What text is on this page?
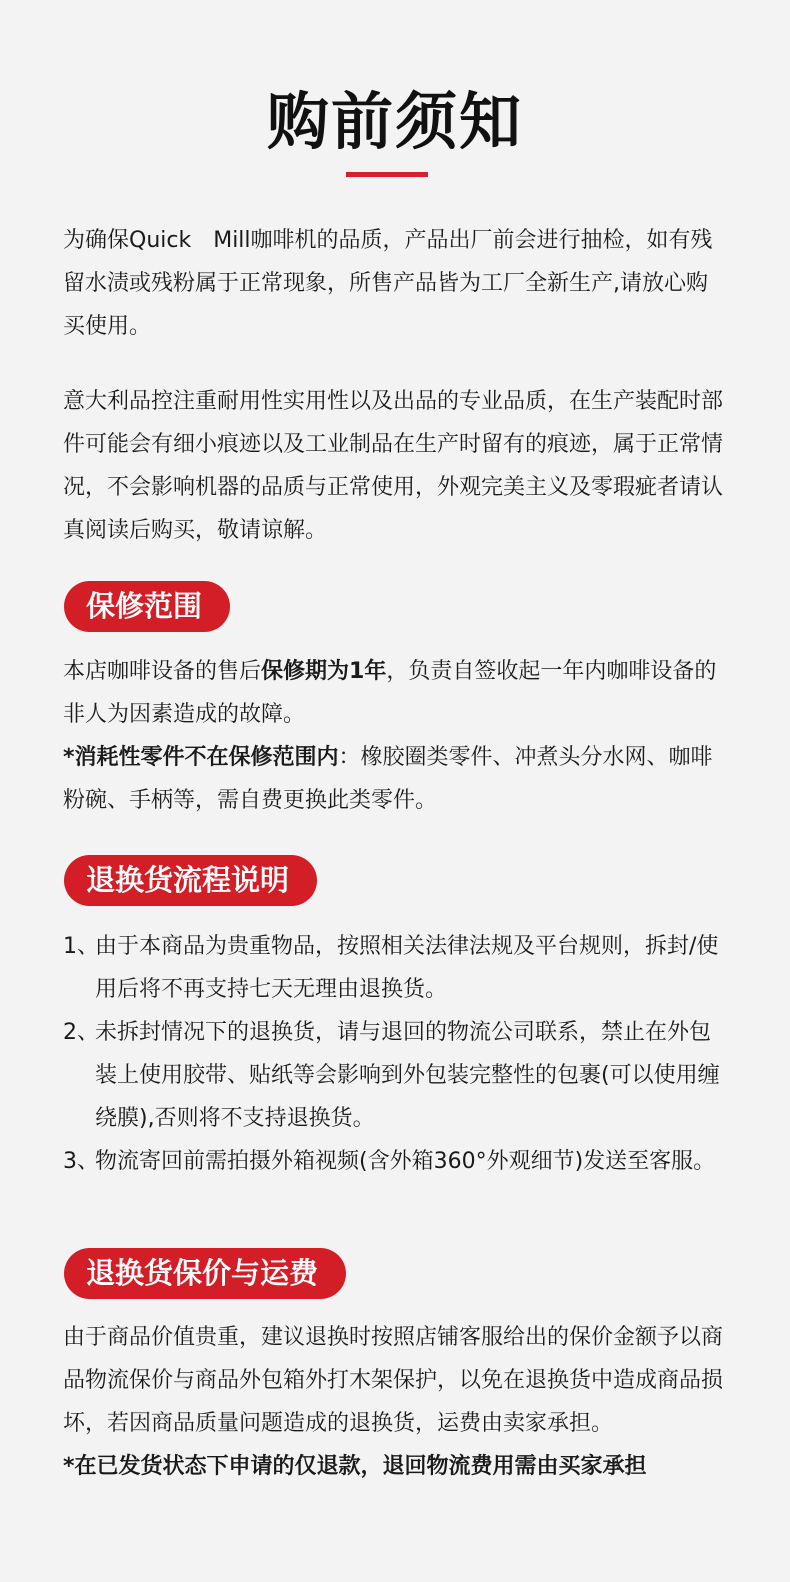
购前须知

为确保Quick　Mill咖啡机的品质，产品出厂前会进行抽检，如有残留水渍或残粉属于正常现象，所售产品皆为工厂全新生产,请放心购买使用。

意大利品控注重耐用性实用性以及出品的专业品质，在生产装配时部件可能会有细小痕迹以及工业制品在生产时留有的痕迹，属于正常情况，不会影响机器的品质与正常使用，外观完美主义及零瑕疵者请认真阅读后购买，敬请谅解。

保修范围

本店咖啡设备的售后保修期为1年，负责自签收起一年内咖啡设备的非人为因素造成的故障。

*消耗性零件不在保修范围内：橡胶圈类零件、冲煮头分水网、咖啡粉碗、手柄等，需自费更换此类零件。

退换货流程说明
1、
由于本商品为贵重物品，按照相关法律法规及平台规则，拆封/使用后将不再支持七天无理由退换货。
2、
未拆封情况下的退换货，请与退回的物流公司联系，禁止在外包装上使用胶带、贴纸等会影响到外包装完整性的包裹(可以使用缠绕膜),否则将不支持退换货。
3、
物流寄回前需拍摄外箱视频(含外箱360°外观细节)发送至客服。
退换货保价与运费

由于商品价值贵重，建议退换时按照店铺客服给出的保价金额予以商品物流保价与商品外包箱外打木架保护，以免在退换货中造成商品损坏，若因商品质量问题造成的退换货，运费由卖家承担。

*在已发货状态下申请的仅退款，退回物流费用需由买家承担
